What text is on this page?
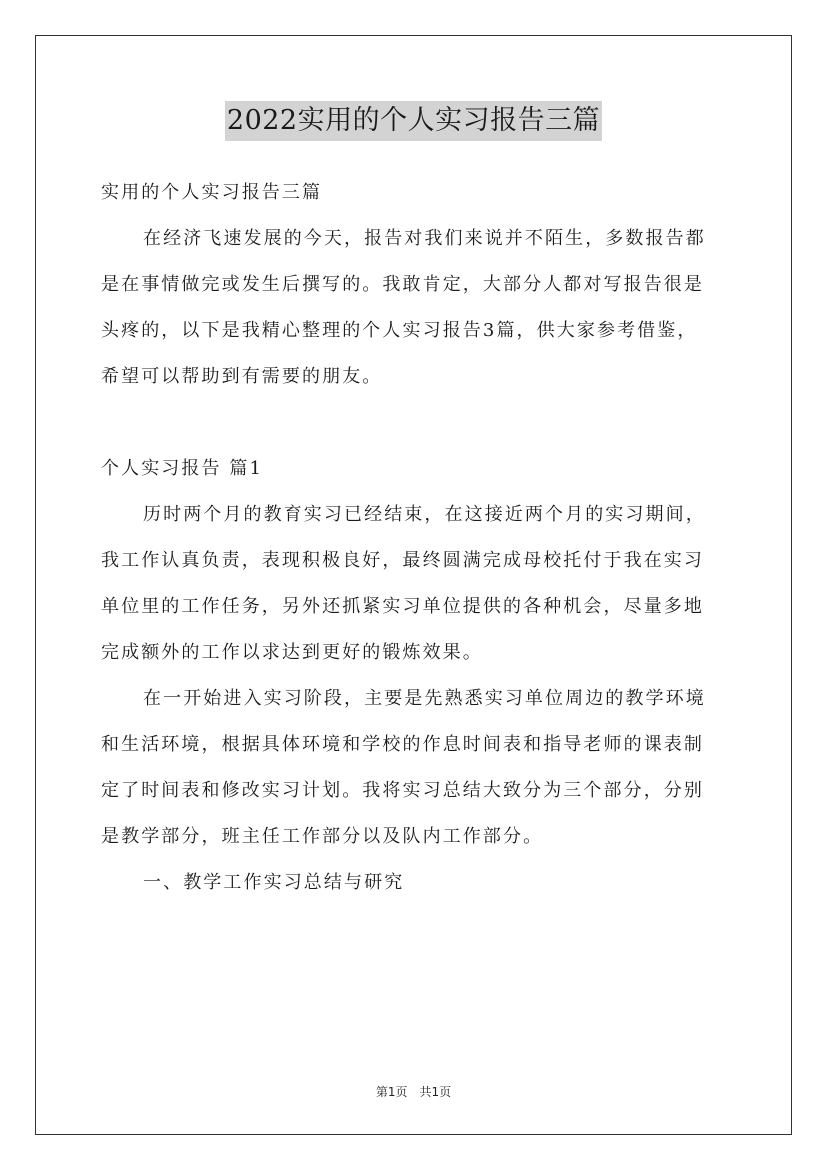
2022实用的个人实习报告三篇
实用的个人实习报告三篇
在经济飞速发展的今天，报告对我们来说并不陌生，多数报告都
是在事情做完或发生后撰写的。我敢肯定，大部分人都对写报告很是
头疼的，以下是我精心整理的个人实习报告3篇，供大家参考借鉴，
希望可以帮助到有需要的朋友。
个人实习报告 篇1
历时两个月的教育实习已经结束，在这接近两个月的实习期间，
我工作认真负责，表现积极良好，最终圆满完成母校托付于我在实习
单位里的工作任务，另外还抓紧实习单位提供的各种机会，尽量多地
完成额外的工作以求达到更好的锻炼效果。
在一开始进入实习阶段，主要是先熟悉实习单位周边的教学环境
和生活环境，根据具体环境和学校的作息时间表和指导老师的课表制
定了时间表和修改实习计划。我将实习总结大致分为三个部分，分别
是教学部分，班主任工作部分以及队内工作部分。
一、教学工作实习总结与研究
第1页 共1页
